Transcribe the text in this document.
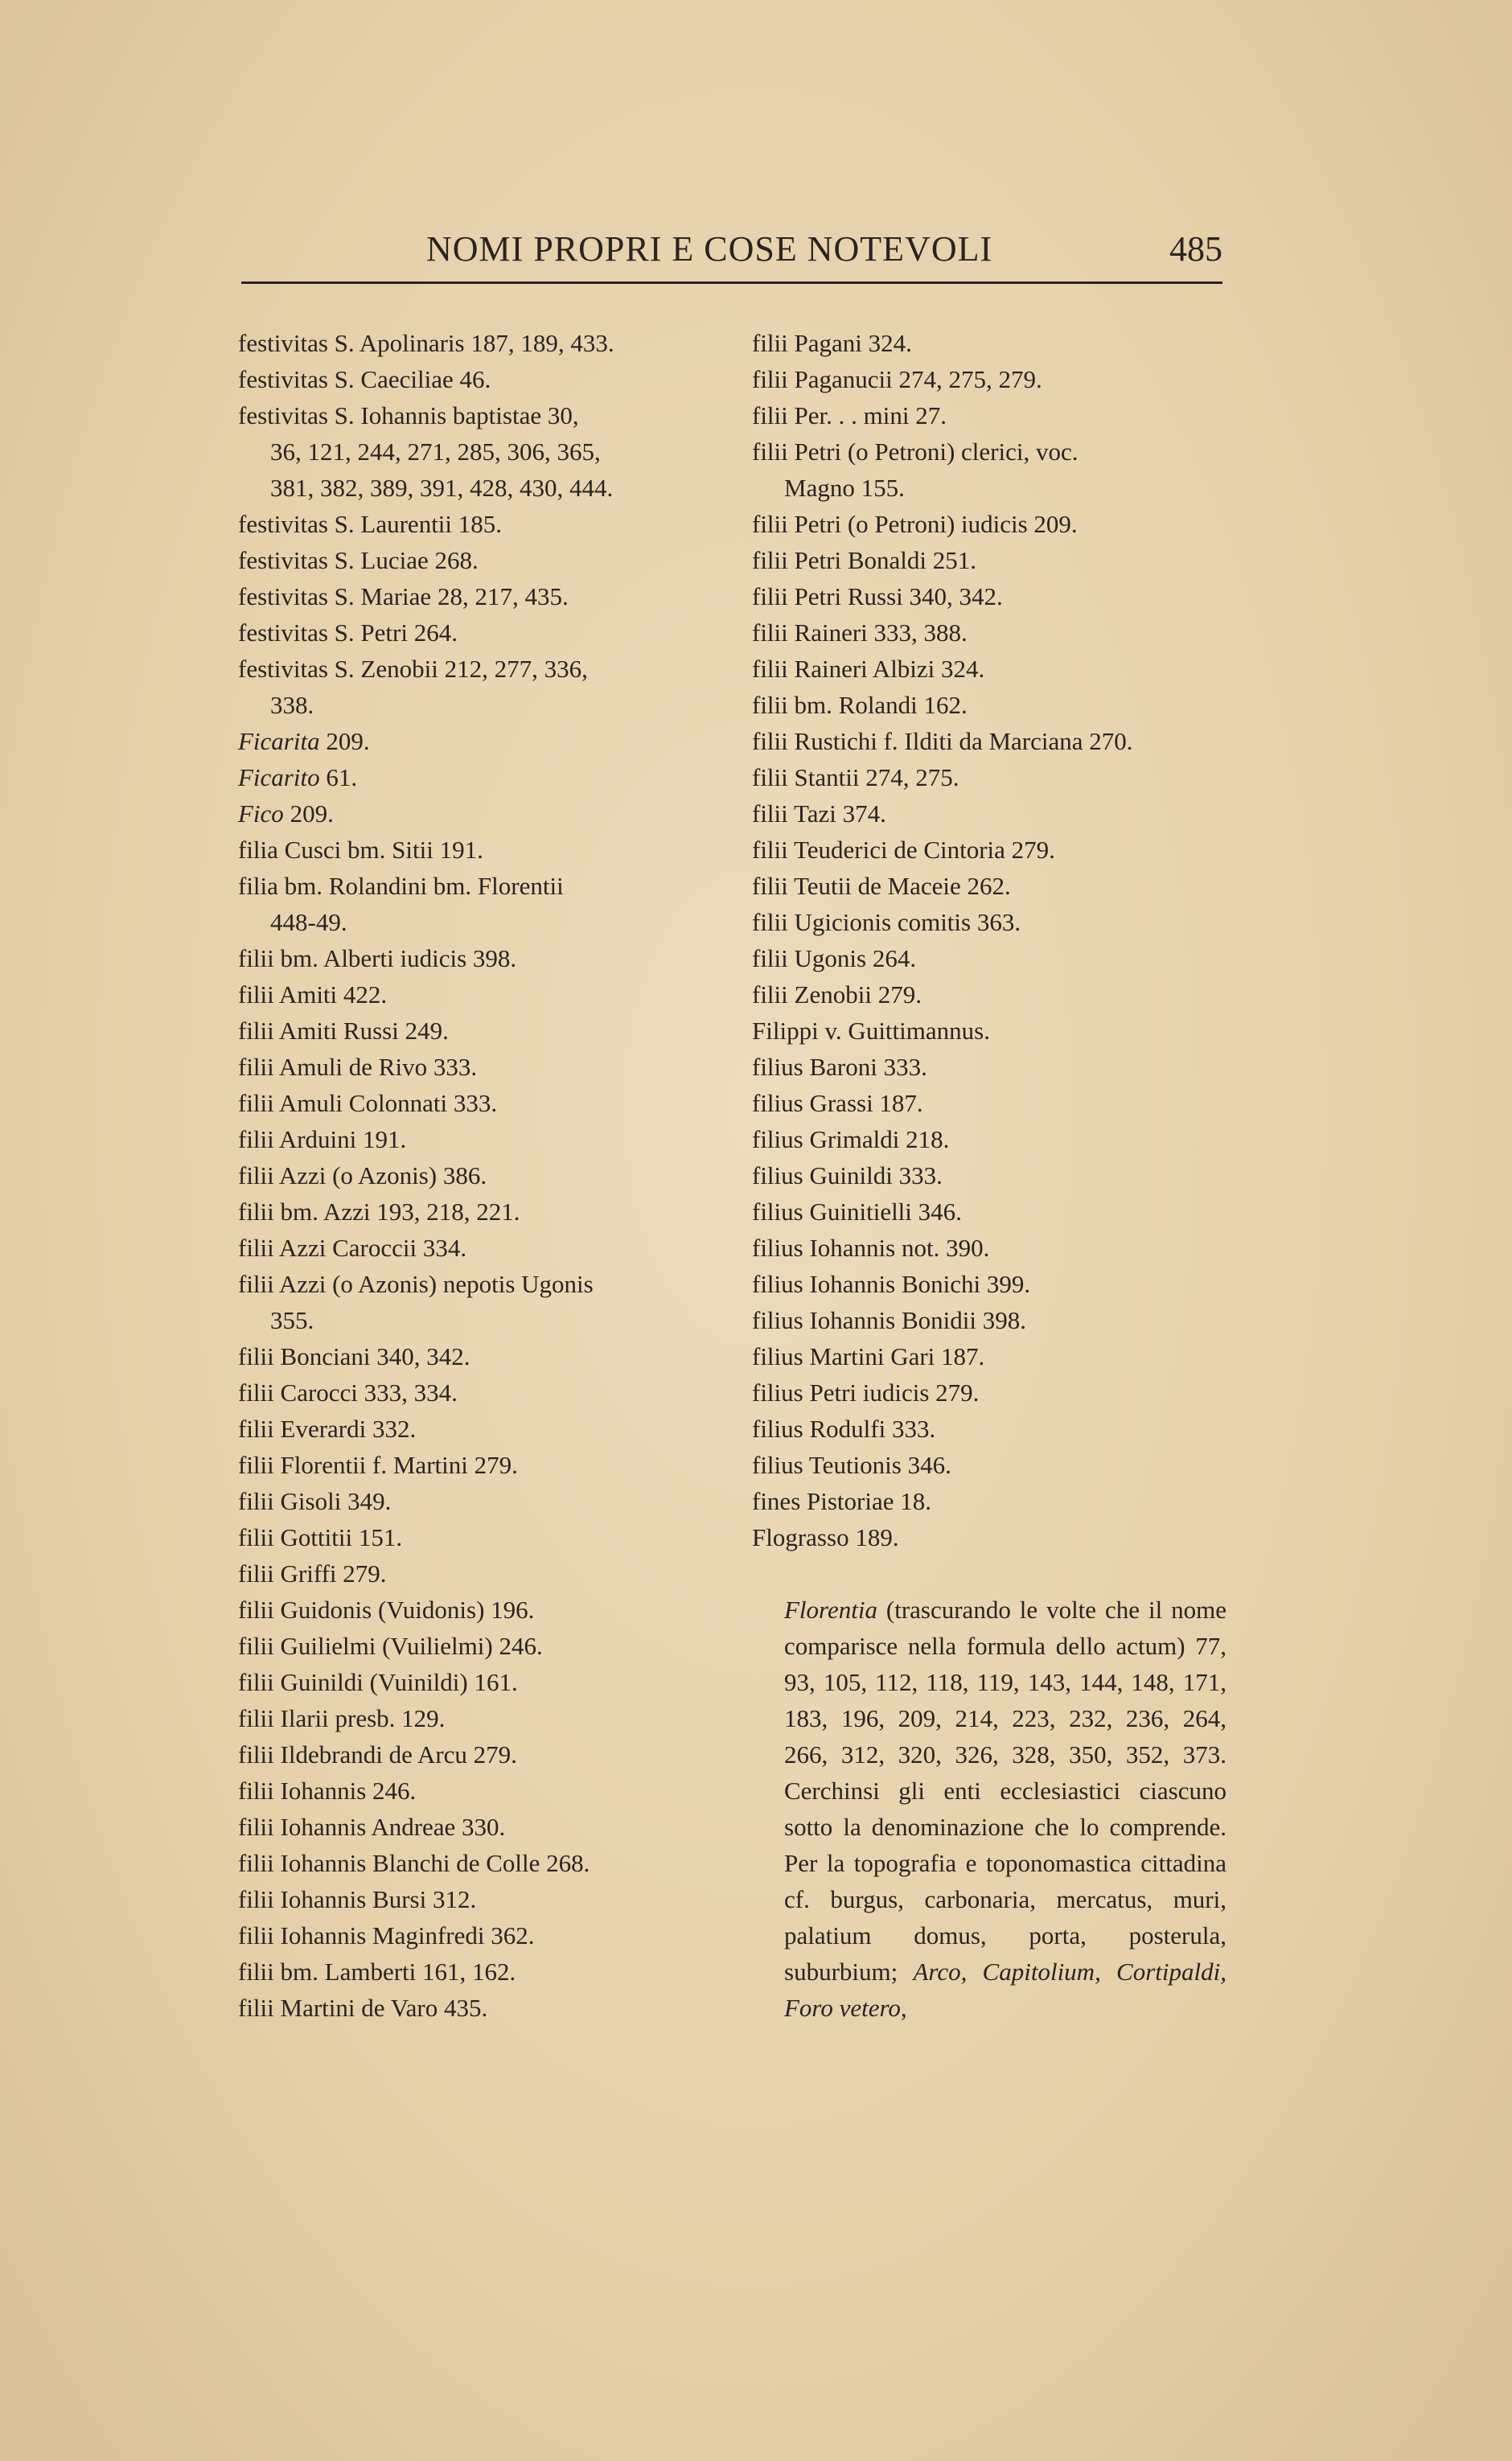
NOMI PROPRI E COSE NOTEVOLI	485
festivitas S. Apolinaris 187, 189, 433.
festivitas S. Caeciliae 46.
festivitas S. Iohannis baptistae 30,
36, 121, 244, 271, 285, 306, 365,
381, 382, 389, 391, 428, 430, 444.
festivitas S. Laurentii 185.
festivitas S. Luciae 268.
festivitas S. Mariae 28, 217, 435.
festivitas S. Petri 264.
festivitas S. Zenobii 212, 277, 336,
338.
Ficarita 209.
Ficarito 61.
Fico 209.
filia Cusci bm. Sitii 191.
filia bm. Rolandini bm. Florentii
448-49.
filii bm. Alberti iudicis 398.
filii Amiti 422.
filii Amiti Russi 249.
filii Amuli de Rivo 333.
filii Amuli Colonnati 333.
filii Arduini 191.
filii Azzi (o Azonis) 386.
filii bm. Azzi 193, 218, 221.
filii Azzi Caroccii 334.
filii Azzi (o Azonis) nepotis Ugonis
355.
filii Bonciani 340, 342.
filii Carocci 333, 334.
filii Everardi 332.
filii Florentii f. Martini 279.
filii Gisoli 349.
filii Gottitii 151.
filii Griffi 279.
filii Guidonis (Vuidonis) 196.
filii Guilielmi (Vuilielmi) 246.
filii Guinildi (Vuinildi) 161.
filii Ilarii presb. 129.
filii Ildebrandi de Arcu 279.
filii Iohannis 246.
filii Iohannis Andreae 330.
filii Iohannis Blanchi de Colle 268.
filii Iohannis Bursi 312.
filii Iohannis Maginfredi 362.
filii bm. Lamberti 161, 162.
filii Martini de Varo 435.
filii Pagani 324.
filii Paganucii 274, 275, 279.
filii Per. . . mini 27.
filii Petri (o Petroni) clerici, voc.
Magno 155.
filii Petri (o Petroni) iudicis 209.
filii Petri Bonaldi 251.
filii Petri Russi 340, 342.
filii Raineri 333, 388.
filii Raineri Albizi 324.
filii bm. Rolandi 162.
filii Rustichi f. Ilditi da Marciana 270.
filii Stantii 274, 275.
filii Tazi 374.
filii Teuderici de Cintoria 279.
filii Teutii de Maceie 262.
filii Ugicionis comitis 363.
filii Ugonis 264.
filii Zenobii 279.
Filippi v. Guittimannus.
filius Baroni 333.
filius Grassi 187.
filius Grimaldi 218.
filius Guinildi 333.
filius Guinitielli 346.
filius Iohannis not. 390.
filius Iohannis Bonichi 399.
filius Iohannis Bonidii 398.
filius Martini Gari 187.
filius Petri iudicis 279.
filius Rodulfi 333.
filius Teutionis 346.
fines Pistoriae 18.
Flograsso 189.

Florentia (trascurando le volte che il nome comparisce nella formula dello actum) 77, 93, 105, 112, 118, 119, 143, 144, 148, 171, 183, 196, 209, 214, 223, 232, 236, 264, 266, 312, 320, 326, 328, 350, 352, 373. Cerchinsi gli enti ecclesiastici ciascuno sotto la denominazione che lo comprende. Per la topografia e toponomastica cittadina cf. burgus, carbonaria, mercatus, muri, palatium domus, porta, posterula, suburbium; Arco, Capitolium, Cortipaldi, Foro vetero,
